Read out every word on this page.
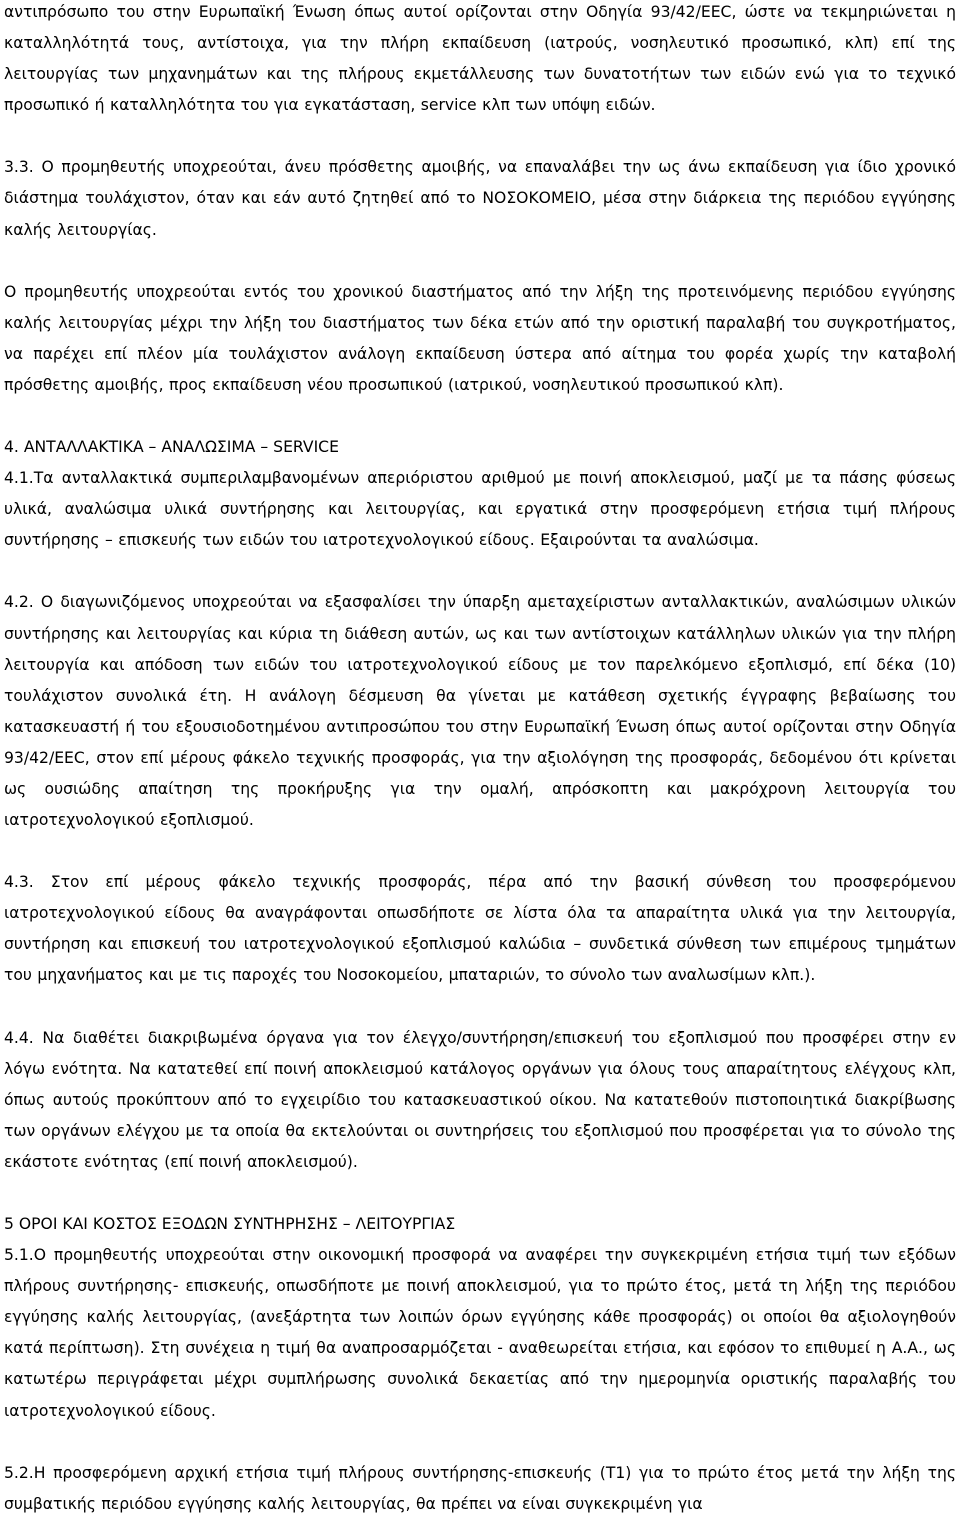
αντιπρόσωπο του στην Ευρωπαϊκή Ένωση όπως αυτοί ορίζονται στην Οδηγία 93/42/ΕΕC, ώστε να τεκμηριώνεται η καταλληλότητά τους, αντίστοιχα, για την πλήρη εκπαίδευση (ιατρούς, νοσηλευτικό προσωπικό, κλπ) επί της λειτουργίας των μηχανημάτων και της πλήρους εκμετάλλευσης των δυνατοτήτων των ειδών ενώ για το τεχνικό προσωπικό ή καταλληλότητα του για εγκατάσταση, service κλπ των υπόψη ειδών.

3.3. Ο προμηθευτής υποχρεούται, άνευ πρόσθετης αμοιβής, να επαναλάβει την ως άνω εκπαίδευση για ίδιο χρονικό διάστημα τουλάχιστον, όταν και εάν αυτό ζητηθεί από το ΝΟΣΟΚΟΜΕΙΟ, μέσα στην διάρκεια της περιόδου εγγύησης καλής λειτουργίας.

Ο προμηθευτής υποχρεούται εντός του χρονικού διαστήματος από την λήξη της προτεινόμενης περιόδου εγγύησης καλής λειτουργίας μέχρι την λήξη του διαστήματος των δέκα ετών από την οριστική παραλαβή του συγκροτήματος, να παρέχει επί πλέον μία τουλάχιστον ανάλογη εκπαίδευση ύστερα από αίτημα του φορέα χωρίς την καταβολή πρόσθετης αμοιβής, προς εκπαίδευση νέου προσωπικού (ιατρικού, νοσηλευτικού προσωπικού κλπ).

4. ΑΝΤΑΛΛΑΚΤΙΚΑ – ΑΝΑΛΩΣΙΜΑ – SERVICE

4.1.Τα ανταλλακτικά συμπεριλαμβανομένων απεριόριστου αριθμού με ποινή αποκλεισμού, μαζί με τα πάσης φύσεως υλικά, αναλώσιμα υλικά συντήρησης και λειτουργίας, και εργατικά στην προσφερόμενη ετήσια τιμή πλήρους συντήρησης – επισκευής των ειδών του ιατροτεχνολογικού είδους. Εξαιρούνται τα αναλώσιμα.

4.2. Ο διαγωνιζόμενος υποχρεούται να εξασφαλίσει την ύπαρξη αμεταχείριστων ανταλλακτικών, αναλώσιμων υλικών συντήρησης και λειτουργίας και κύρια τη διάθεση αυτών, ως και των αντίστοιχων κατάλληλων υλικών για την πλήρη λειτουργία και απόδοση των ειδών του ιατροτεχνολογικού είδους με τον παρελκόμενο εξοπλισμό, επί δέκα (10) τουλάχιστον συνολικά έτη. Η ανάλογη δέσμευση θα γίνεται με κατάθεση σχετικής έγγραφης βεβαίωσης του κατασκευαστή ή του εξουσιοδοτημένου αντιπροσώπου του στην Ευρωπαϊκή Ένωση όπως αυτοί ορίζονται στην Οδηγία 93/42/ΕΕC, στον επί μέρους φάκελο τεχνικής προσφοράς, για την αξιολόγηση της προσφοράς, δεδομένου ότι κρίνεται ως ουσιώδης απαίτηση της προκήρυξης για την ομαλή, απρόσκοπτη και μακρόχρονη λειτουργία του ιατροτεχνολογικού εξοπλισμού.

4.3. Στον επί μέρους φάκελο τεχνικής προσφοράς, πέρα από την βασική σύνθεση του προσφερόμενου ιατροτεχνολογικού είδους θα αναγράφονται οπωσδήποτε σε λίστα όλα τα απαραίτητα υλικά για την λειτουργία, συντήρηση και επισκευή του ιατροτεχνολογικού εξοπλισμού καλώδια – συνδετικά σύνθεση των επιμέρους τμημάτων του μηχανήματος και με τις παροχές του Νοσοκομείου, μπαταριών, το σύνολο των αναλωσίμων κλπ.).

4.4. Να διαθέτει διακριβωμένα όργανα για τον έλεγχο/συντήρηση/επισκευή του εξοπλισμού που προσφέρει στην εν λόγω ενότητα. Να κατατεθεί επί ποινή αποκλεισμού κατάλογος οργάνων για όλους τους απαραίτητους ελέγχους κλπ, όπως αυτούς προκύπτουν από το εγχειρίδιο του κατασκευαστικού οίκου. Να κατατεθούν πιστοποιητικά διακρίβωσης των οργάνων ελέγχου με τα οποία θα εκτελούνται οι συντηρήσεις του εξοπλισμού που προσφέρεται για το σύνολο της εκάστοτε ενότητας (επί ποινή αποκλεισμού).

5 ΟΡΟΙ ΚΑΙ ΚΟΣΤΟΣ ΕΞΟΔΩΝ ΣΥΝΤΗΡΗΣΗΣ – ΛΕΙΤΟΥΡΓΙΑΣ

5.1.Ο προμηθευτής υποχρεούται στην οικονομική προσφορά να αναφέρει την συγκεκριμένη ετήσια τιμή των εξόδων πλήρους συντήρησης- επισκευής, οπωσδήποτε με ποινή αποκλεισμού, για το πρώτο έτος, μετά τη λήξη της περιόδου εγγύησης καλής λειτουργίας, (ανεξάρτητα των λοιπών όρων εγγύησης κάθε προσφοράς) οι οποίοι θα αξιολογηθούν κατά περίπτωση). Στη συνέχεια η τιμή θα αναπροσαρμόζεται - αναθεωρείται ετήσια, και εφόσον το επιθυμεί η Α.Α., ως κατωτέρω περιγράφεται μέχρι συμπλήρωσης συνολικά δεκαετίας από την ημερομηνία οριστικής παραλαβής του ιατροτεχνολογικού είδους.

5.2.Η προσφερόμενη αρχική ετήσια τιμή πλήρους συντήρησης-επισκευής (Τ1) για το πρώτο έτος μετά την λήξη της συμβατικής περιόδου εγγύησης καλής λειτουργίας, θα πρέπει να είναι συγκεκριμένη για
